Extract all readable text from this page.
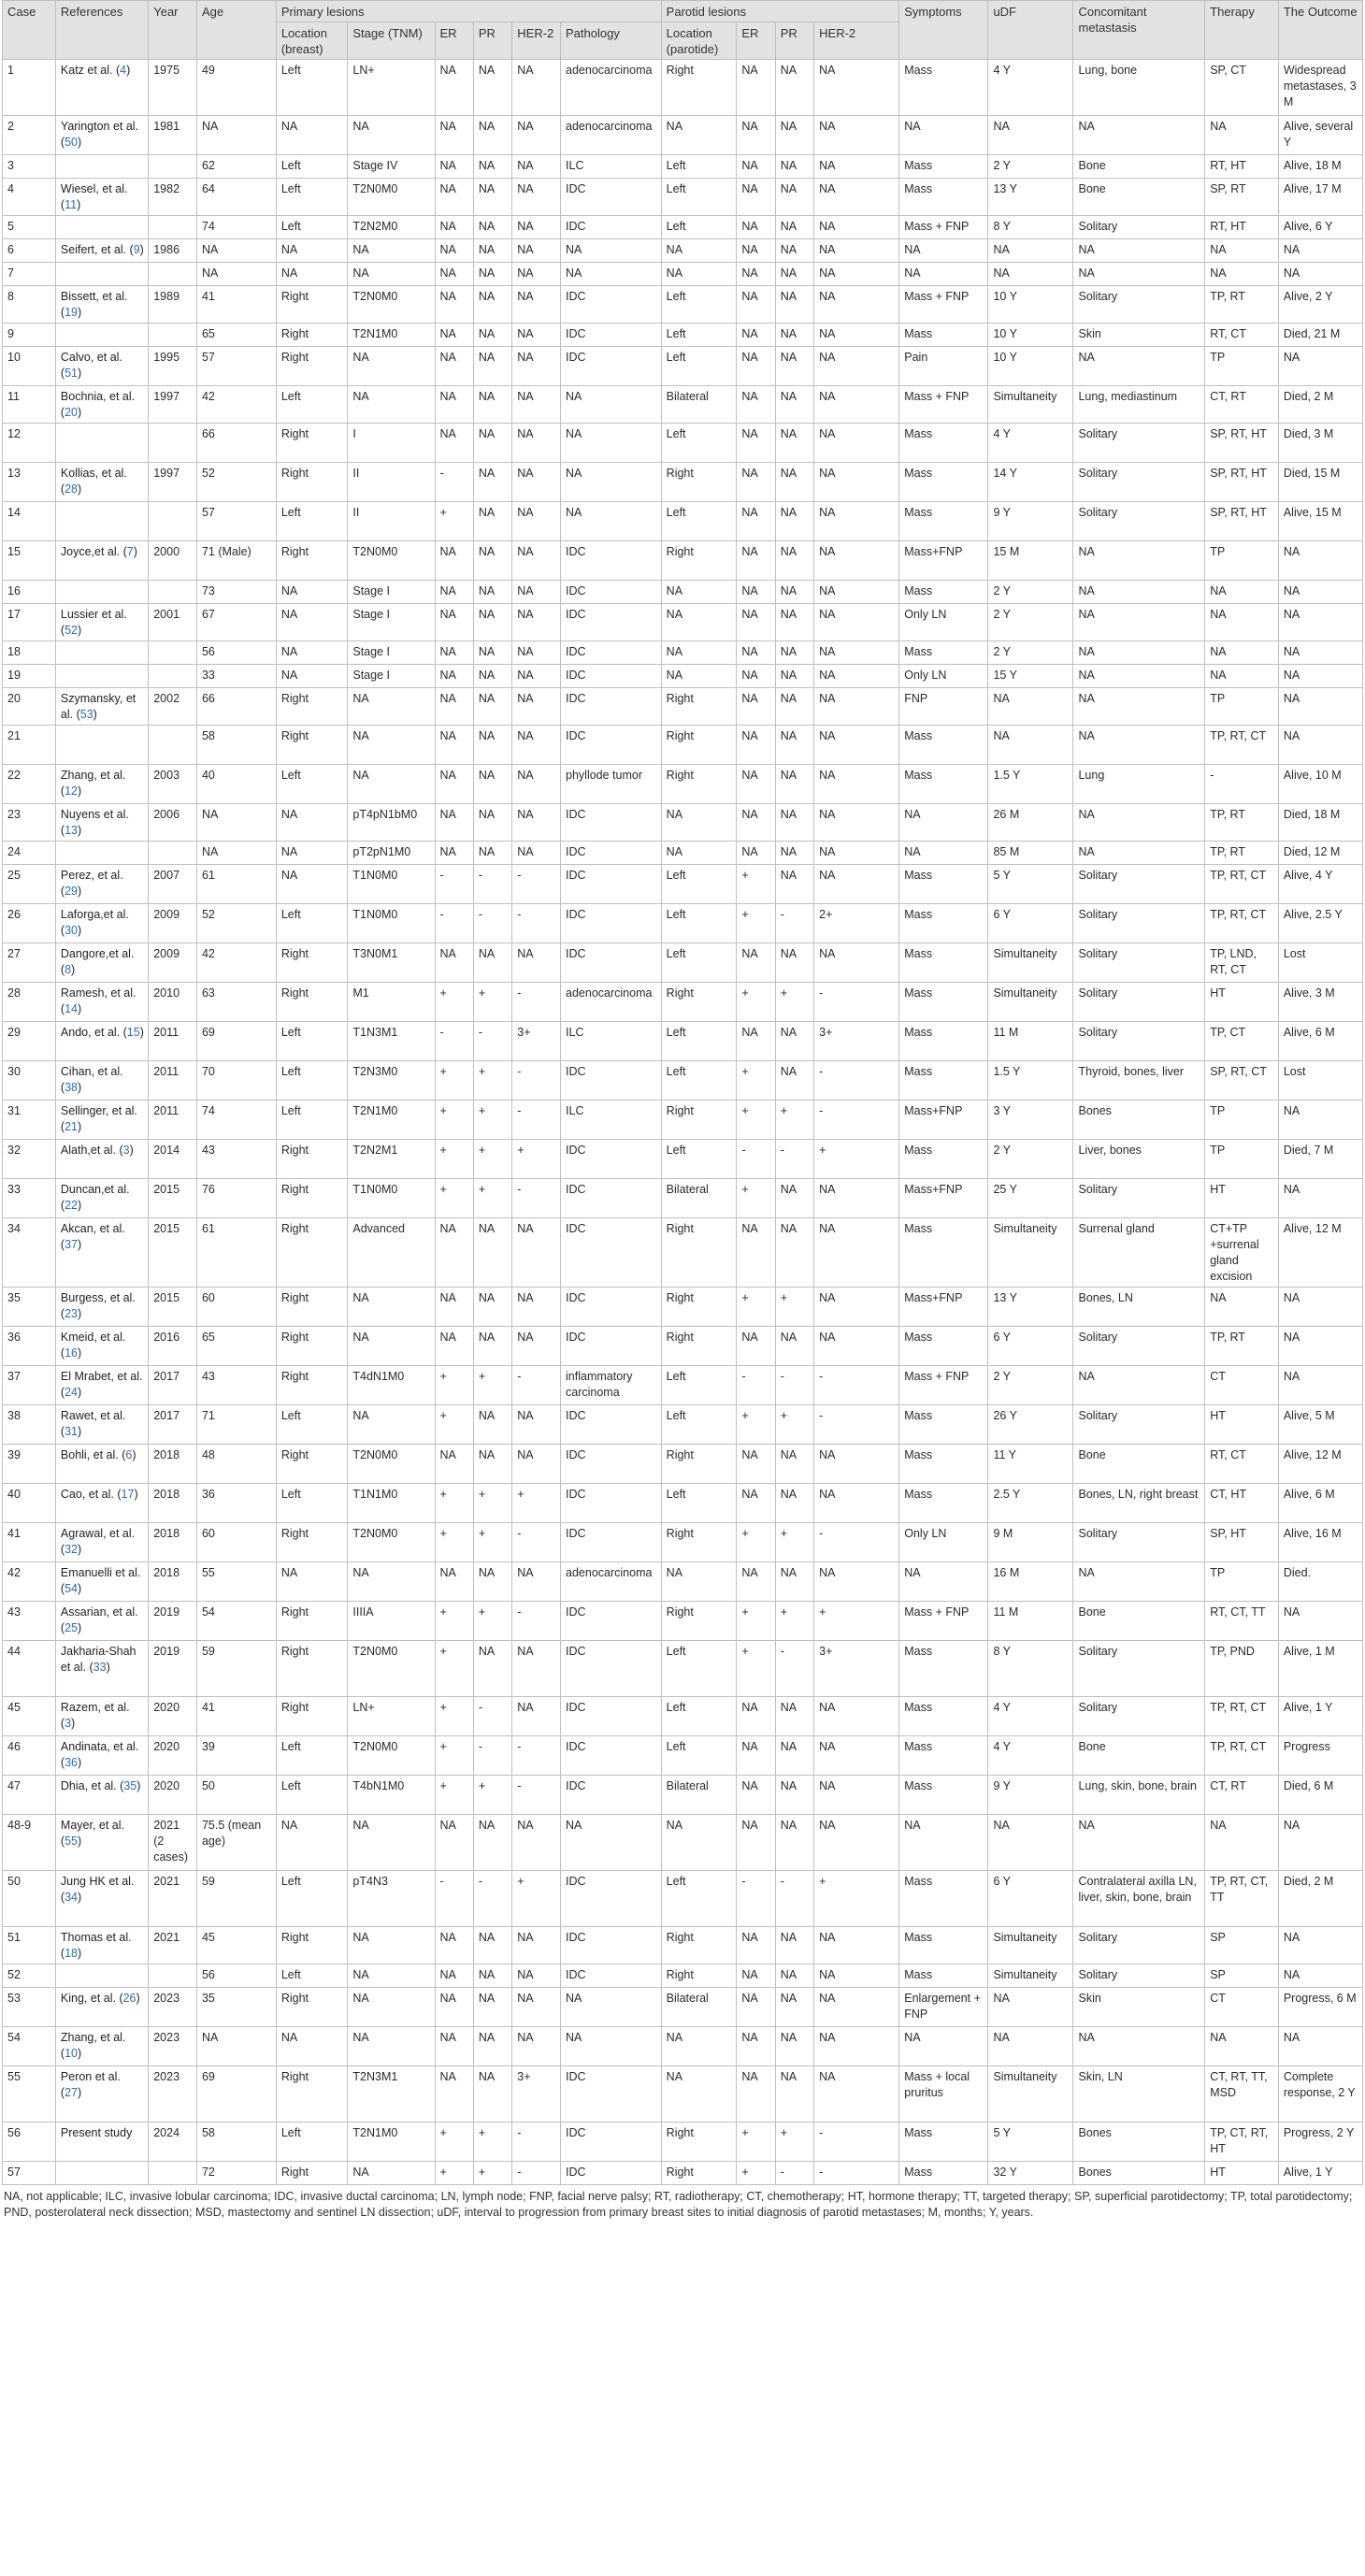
Case	References	Year	Age	Primary lesions						Parotid lesions				Symptoms	uDF	Concomitant metastasis	Therapy	The Outcome
				Location (breast)	Stage (TNM)	ER	PR	HER-2	Pathology	Location (parotide)	ER	PR	HER-2					
1	Katz et al. (4)	1975	49	Left	LN+	NA	NA	NA	adenocarcinoma	Right	NA	NA	NA	Mass	4 Y	Lung, bone	SP, CT	Widespread metastases, 3 M
2	Yarington et al. (50)	1981	NA	NA	NA	NA	NA	NA	adenocarcinoma	NA	NA	NA	NA	NA	NA	NA	NA	Alive, several Y
3			62	Left	Stage IV	NA	NA	NA	ILC	Left	NA	NA	NA	Mass	2 Y	Bone	RT, HT	Alive, 18 M
4	Wiesel, et al. (11)	1982	64	Left	T2N0M0	NA	NA	NA	IDC	Left	NA	NA	NA	Mass	13 Y	Bone	SP, RT	Alive, 17 M
5			74	Left	T2N2M0	NA	NA	NA	IDC	Left	NA	NA	NA	Mass + FNP	8 Y	Solitary	RT, HT	Alive, 6 Y
6	Seifert, et al. (9)	1986	NA	NA	NA	NA	NA	NA	NA	NA	NA	NA	NA	NA	NA	NA	NA	NA
7			NA	NA	NA	NA	NA	NA	NA	NA	NA	NA	NA	NA	NA	NA	NA	NA
8	Bissett, et al. (19)	1989	41	Right	T2N0M0	NA	NA	NA	IDC	Left	NA	NA	NA	Mass + FNP	10 Y	Solitary	TP, RT	Alive, 2 Y
9			65	Right	T2N1M0	NA	NA	NA	IDC	Left	NA	NA	NA	Mass	10 Y	Skin	RT, CT	Died, 21 M
10	Calvo, et al. (51)	1995	57	Right	NA	NA	NA	NA	IDC	Left	NA	NA	NA	Pain	10 Y	NA	TP	NA
11	Bochnia, et al. (20)	1997	42	Left	NA	NA	NA	NA	NA	Bilateral	NA	NA	NA	Mass + FNP	Simultaneity	Lung, mediastinum	CT, RT	Died, 2 M
12			66	Right	I	NA	NA	NA	NA	Left	NA	NA	NA	Mass	4 Y	Solitary	SP, RT, HT	Died, 3 M
13	Kollias, et al. (28)	1997	52	Right	II	-	NA	NA	NA	Right	NA	NA	NA	Mass	14 Y	Solitary	SP, RT, HT	Died, 15 M
14			57	Left	II	+	NA	NA	NA	Left	NA	NA	NA	Mass	9 Y	Solitary	SP, RT, HT	Alive, 15 M
15	Joyce,et al. (7)	2000	71 (Male)	Right	T2N0M0	NA	NA	NA	IDC	Right	NA	NA	NA	Mass+FNP	15 M	NA	TP	NA
16			73	NA	Stage I	NA	NA	NA	IDC	NA	NA	NA	NA	Mass	2 Y	NA	NA	NA
17	Lussier et al. (52)	2001	67	NA	Stage I	NA	NA	NA	IDC	NA	NA	NA	NA	Only LN	2 Y	NA	NA	NA
18			56	NA	Stage I	NA	NA	NA	IDC	NA	NA	NA	NA	Mass	2 Y	NA	NA	NA
19			33	NA	Stage I	NA	NA	NA	IDC	NA	NA	NA	NA	Only LN	15 Y	NA	NA	NA
20	Szymansky, et al. (53)	2002	66	Right	NA	NA	NA	NA	IDC	Right	NA	NA	NA	FNP	NA	NA	TP	NA
21			58	Right	NA	NA	NA	NA	IDC	Right	NA	NA	NA	Mass	NA	NA	TP, RT, CT	NA
22	Zhang, et al. (12)	2003	40	Left	NA	NA	NA	NA	phyllode tumor	Right	NA	NA	NA	Mass	1.5 Y	Lung	-	Alive, 10 M
23	Nuyens et al. (13)	2006	NA	NA	pT4pN1bM0	NA	NA	NA	IDC	NA	NA	NA	NA	NA	26 M	NA	TP, RT	Died, 18 M
24			NA	NA	pT2pN1M0	NA	NA	NA	IDC	NA	NA	NA	NA	NA	85 M	NA	TP, RT	Died, 12 M
25	Perez, et al. (29)	2007	61	NA	T1N0M0	-	-	-	IDC	Left	+	NA	NA	Mass	5 Y	Solitary	TP, RT, CT	Alive, 4 Y
26	Laforga,et al. (30)	2009	52	Left	T1N0M0	-	-	-	IDC	Left	+	-	2+	Mass	6 Y	Solitary	TP, RT, CT	Alive, 2.5 Y
27	Dangore,et al. (8)	2009	42	Right	T3N0M1	NA	NA	NA	IDC	Left	NA	NA	NA	Mass	Simultaneity	Solitary	TP, LND, RT, CT	Lost
28	Ramesh, et al. (14)	2010	63	Right	M1	+	+	-	adenocarcinoma	Right	+	+	-	Mass	Simultaneity	Solitary	HT	Alive, 3 M
29	Ando, et al. (15)	2011	69	Left	T1N3M1	-	-	3+	ILC	Left	NA	NA	3+	Mass	11 M	Solitary	TP, CT	Alive, 6 M
30	Cihan, et al. (38)	2011	70	Left	T2N3M0	+	+	-	IDC	Left	+	NA	-	Mass	1.5 Y	Thyroid, bones, liver	SP, RT, CT	Lost
31	Sellinger, et al. (21)	2011	74	Left	T2N1M0	+	+	-	ILC	Right	+	+	-	Mass+FNP	3 Y	Bones	TP	NA
32	Alath,et al. (3)	2014	43	Right	T2N2M1	+	+	+	IDC	Left	-	-	+	Mass	2 Y	Liver, bones	TP	Died, 7 M
33	Duncan,et al. (22)	2015	76	Right	T1N0M0	+	+	-	IDC	Bilateral	+	NA	NA	Mass+FNP	25 Y	Solitary	HT	NA
34	Akcan, et al. (37)	2015	61	Right	Advanced	NA	NA	NA	IDC	Right	NA	NA	NA	Mass	Simultaneity	Surrenal gland	CT+TP +surrenal gland excision	Alive, 12 M
35	Burgess, et al. (23)	2015	60	Right	NA	NA	NA	NA	IDC	Right	+	+	NA	Mass+FNP	13 Y	Bones, LN	NA	NA
36	Kmeid, et al. (16)	2016	65	Right	NA	NA	NA	NA	IDC	Right	NA	NA	NA	Mass	6 Y	Solitary	TP, RT	NA
37	El Mrabet, et al. (24)	2017	43	Right	T4dN1M0	+	+	-	inflammatory carcinoma	Left	-	-	-	Mass + FNP	2 Y	NA	CT	NA
38	Rawet, et al. (31)	2017	71	Left	NA	+	NA	NA	IDC	Left	+	+	-	Mass	26 Y	Solitary	HT	Alive, 5 M
39	Bohli, et al. (6)	2018	48	Right	T2N0M0	NA	NA	NA	IDC	Right	NA	NA	NA	Mass	11 Y	Bone	RT, CT	Alive, 12 M
40	Cao, et al. (17)	2018	36	Left	T1N1M0	+	+	+	IDC	Left	NA	NA	NA	Mass	2.5 Y	Bones, LN, right breast	CT, HT	Alive, 6 M
41	Agrawal, et al. (32)	2018	60	Right	T2N0M0	+	+	-	IDC	Right	+	+	-	Only LN	9 M	Solitary	SP, HT	Alive, 16 M
42	Emanuelli et al. (54)	2018	55	NA	NA	NA	NA	NA	adenocarcinoma	NA	NA	NA	NA	NA	16 M	NA	TP	Died.
43	Assarian, et al. (25)	2019	54	Right	IIIIA	+	+	-	IDC	Right	+	+	+	Mass + FNP	11 M	Bone	RT, CT, TT	NA
44	Jakharia-Shah et al. (33)	2019	59	Right	T2N0M0	+	NA	NA	IDC	Left	+	-	3+	Mass	8 Y	Solitary	TP, PND	Alive, 1 M
45	Razem, et al. (3)	2020	41	Right	LN+	+	-	NA	IDC	Left	NA	NA	NA	Mass	4 Y	Solitary	TP, RT, CT	Alive, 1 Y
46	Andinata, et al. (36)	2020	39	Left	T2N0M0	+	-	-	IDC	Left	NA	NA	NA	Mass	4 Y	Bone	TP, RT, CT	Progress
47	Dhia, et al. (35)	2020	50	Left	T4bN1M0	+	+	-	IDC	Bilateral	NA	NA	NA	Mass	9 Y	Lung, skin, bone, brain	CT, RT	Died, 6 M
48-9	Mayer, et al. (55)	2021 (2 cases)	75.5 (mean age)	NA	NA	NA	NA	NA	NA	NA	NA	NA	NA	NA	NA	NA	NA	NA
50	Jung HK et al. (34)	2021	59	Left	pT4N3	-	-	+	IDC	Left	-	-	+	Mass	6 Y	Contralateral axilla LN, liver, skin, bone, brain	TP, RT, CT, TT	Died, 2 M
51	Thomas et al. (18)	2021	45	Right	NA	NA	NA	NA	IDC	Right	NA	NA	NA	Mass	Simultaneity	Solitary	SP	NA
52			56	Left	NA	NA	NA	NA	IDC	Right	NA	NA	NA	Mass	Simultaneity	Solitary	SP	NA
53	King, et al. (26)	2023	35	Right	NA	NA	NA	NA	NA	Bilateral	NA	NA	NA	Enlargement + FNP	NA	Skin	CT	Progress, 6 M
54	Zhang, et al. (10)	2023	NA	NA	NA	NA	NA	NA	NA	NA	NA	NA	NA	NA	NA	NA	NA	NA
55	Peron et al. (27)	2023	69	Right	T2N3M1	NA	NA	3+	IDC	NA	NA	NA	NA	Mass + local pruritus	Simultaneity	Skin, LN	CT, RT, TT, MSD	Complete response, 2 Y
56	Present study	2024	58	Left	T2N1M0	+	+	-	IDC	Right	+	+	-	Mass	5 Y	Bones	TP, CT, RT, HT	Progress, 2 Y
57			72	Right	NA	+	+	-	IDC	Right	+	-	-	Mass	32 Y	Bones	HT	Alive, 1 Y
NA, not applicable; ILC, invasive lobular carcinoma; IDC, invasive ductal carcinoma; LN, lymph node; FNP, facial nerve palsy; RT, radiotherapy; CT, chemotherapy; HT, hormone therapy; TT, targeted therapy; SP, superficial parotidectomy; TP, total parotidectomy; PND, posterolateral neck dissection; MSD, mastectomy and sentinel LN dissection; uDF, interval to progression from primary breast sites to initial diagnosis of parotid metastases; M, months; Y, years.
